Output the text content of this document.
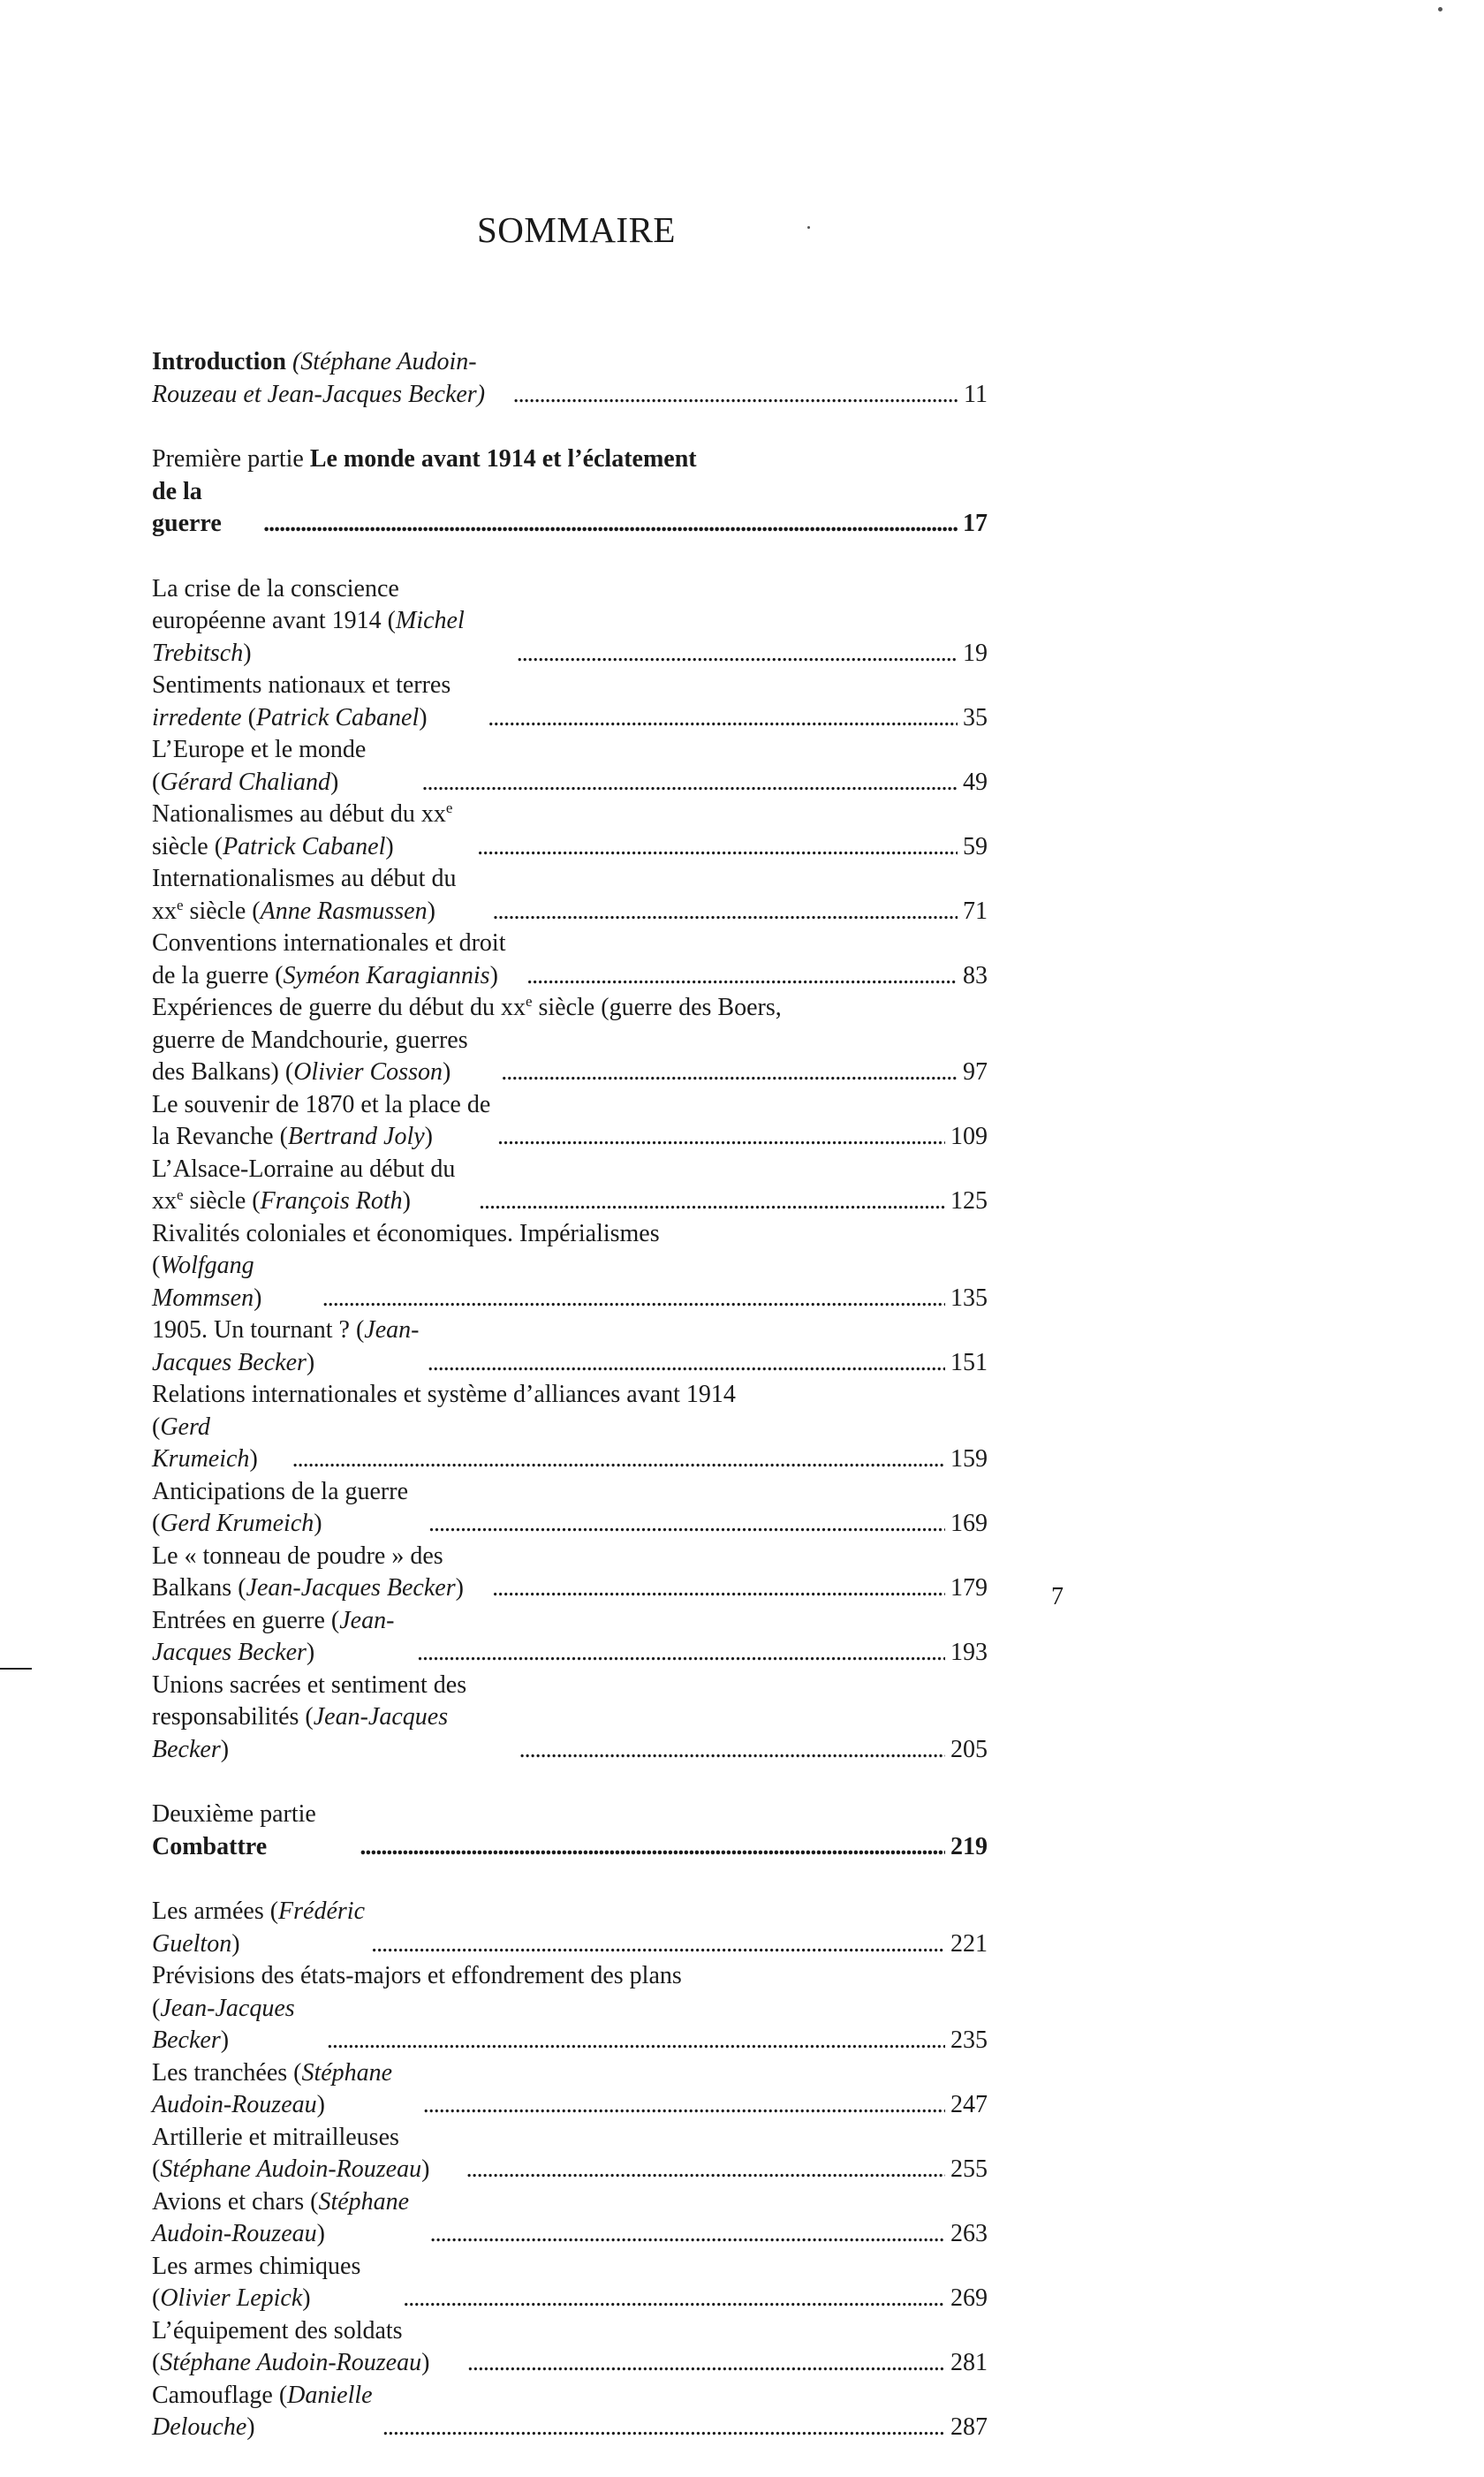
SOMMAIRE
Introduction (Stéphane Audoin-Rouzeau et Jean-Jacques Becker) . . .	11
Première partie Le monde avant 1914 et l’éclatement
de la guerre . . .	17
La crise de la conscience européenne avant 1914 (Michel Trebitsch) . . .	19
Sentiments nationaux et terres irredente (Patrick Cabanel) . . .	35
L’Europe et le monde (Gérard Chaliand) . . .	49
Nationalismes au début du $xx^e$ siècle (Patrick Cabanel) . . .	59
Internationalismes au début du $xx^e$ siècle (Anne Rasmussen) . . .	71
Conventions internationales et droit de la guerre (Syméon Karagiannis) . . .	83
Expériences de guerre du début du $xx^e$ siècle (guerre des Boers,
guerre de Mandchourie, guerres des Balkans) (Olivier Cosson) . . .	97
Le souvenir de 1870 et la place de la Revanche (Bertrand Joly) . . .	109
L’Alsace-Lorraine au début du $xx^e$ siècle (François Roth) . . .	125
Rivalités coloniales et économiques. Impérialismes
(Wolfgang Mommsen) . . .	135
1905. Un tournant ? (Jean-Jacques Becker) . . .	151
Relations internationales et système d’alliances avant 1914
(Gerd Krumeich) . . .	159
Anticipations de la guerre (Gerd Krumeich) . . .	169
Le « tonneau de poudre » des Balkans (Jean-Jacques Becker) . . .	179
Entrées en guerre (Jean-Jacques Becker) . . .	193
Unions sacrées et sentiment des responsabilités (Jean-Jacques Becker) . . .	205
Deuxième partie Combattre . . .	219
Les armées (Frédéric Guelton) . . .	221
Prévisions des états-majors et effondrement des plans
(Jean-Jacques Becker) . . .	235
Les tranchées (Stéphane Audoin-Rouzeau) . . .	247
Artillerie et mitrailleuses (Stéphane Audoin-Rouzeau) . . .	255
Avions et chars (Stéphane Audoin-Rouzeau) . . .	263
Les armes chimiques (Olivier Lepick) . . .	269
L’équipement des soldats (Stéphane Audoin-Rouzeau) . . .	281
Camouflage (Danielle Delouche) . . .	287
7
